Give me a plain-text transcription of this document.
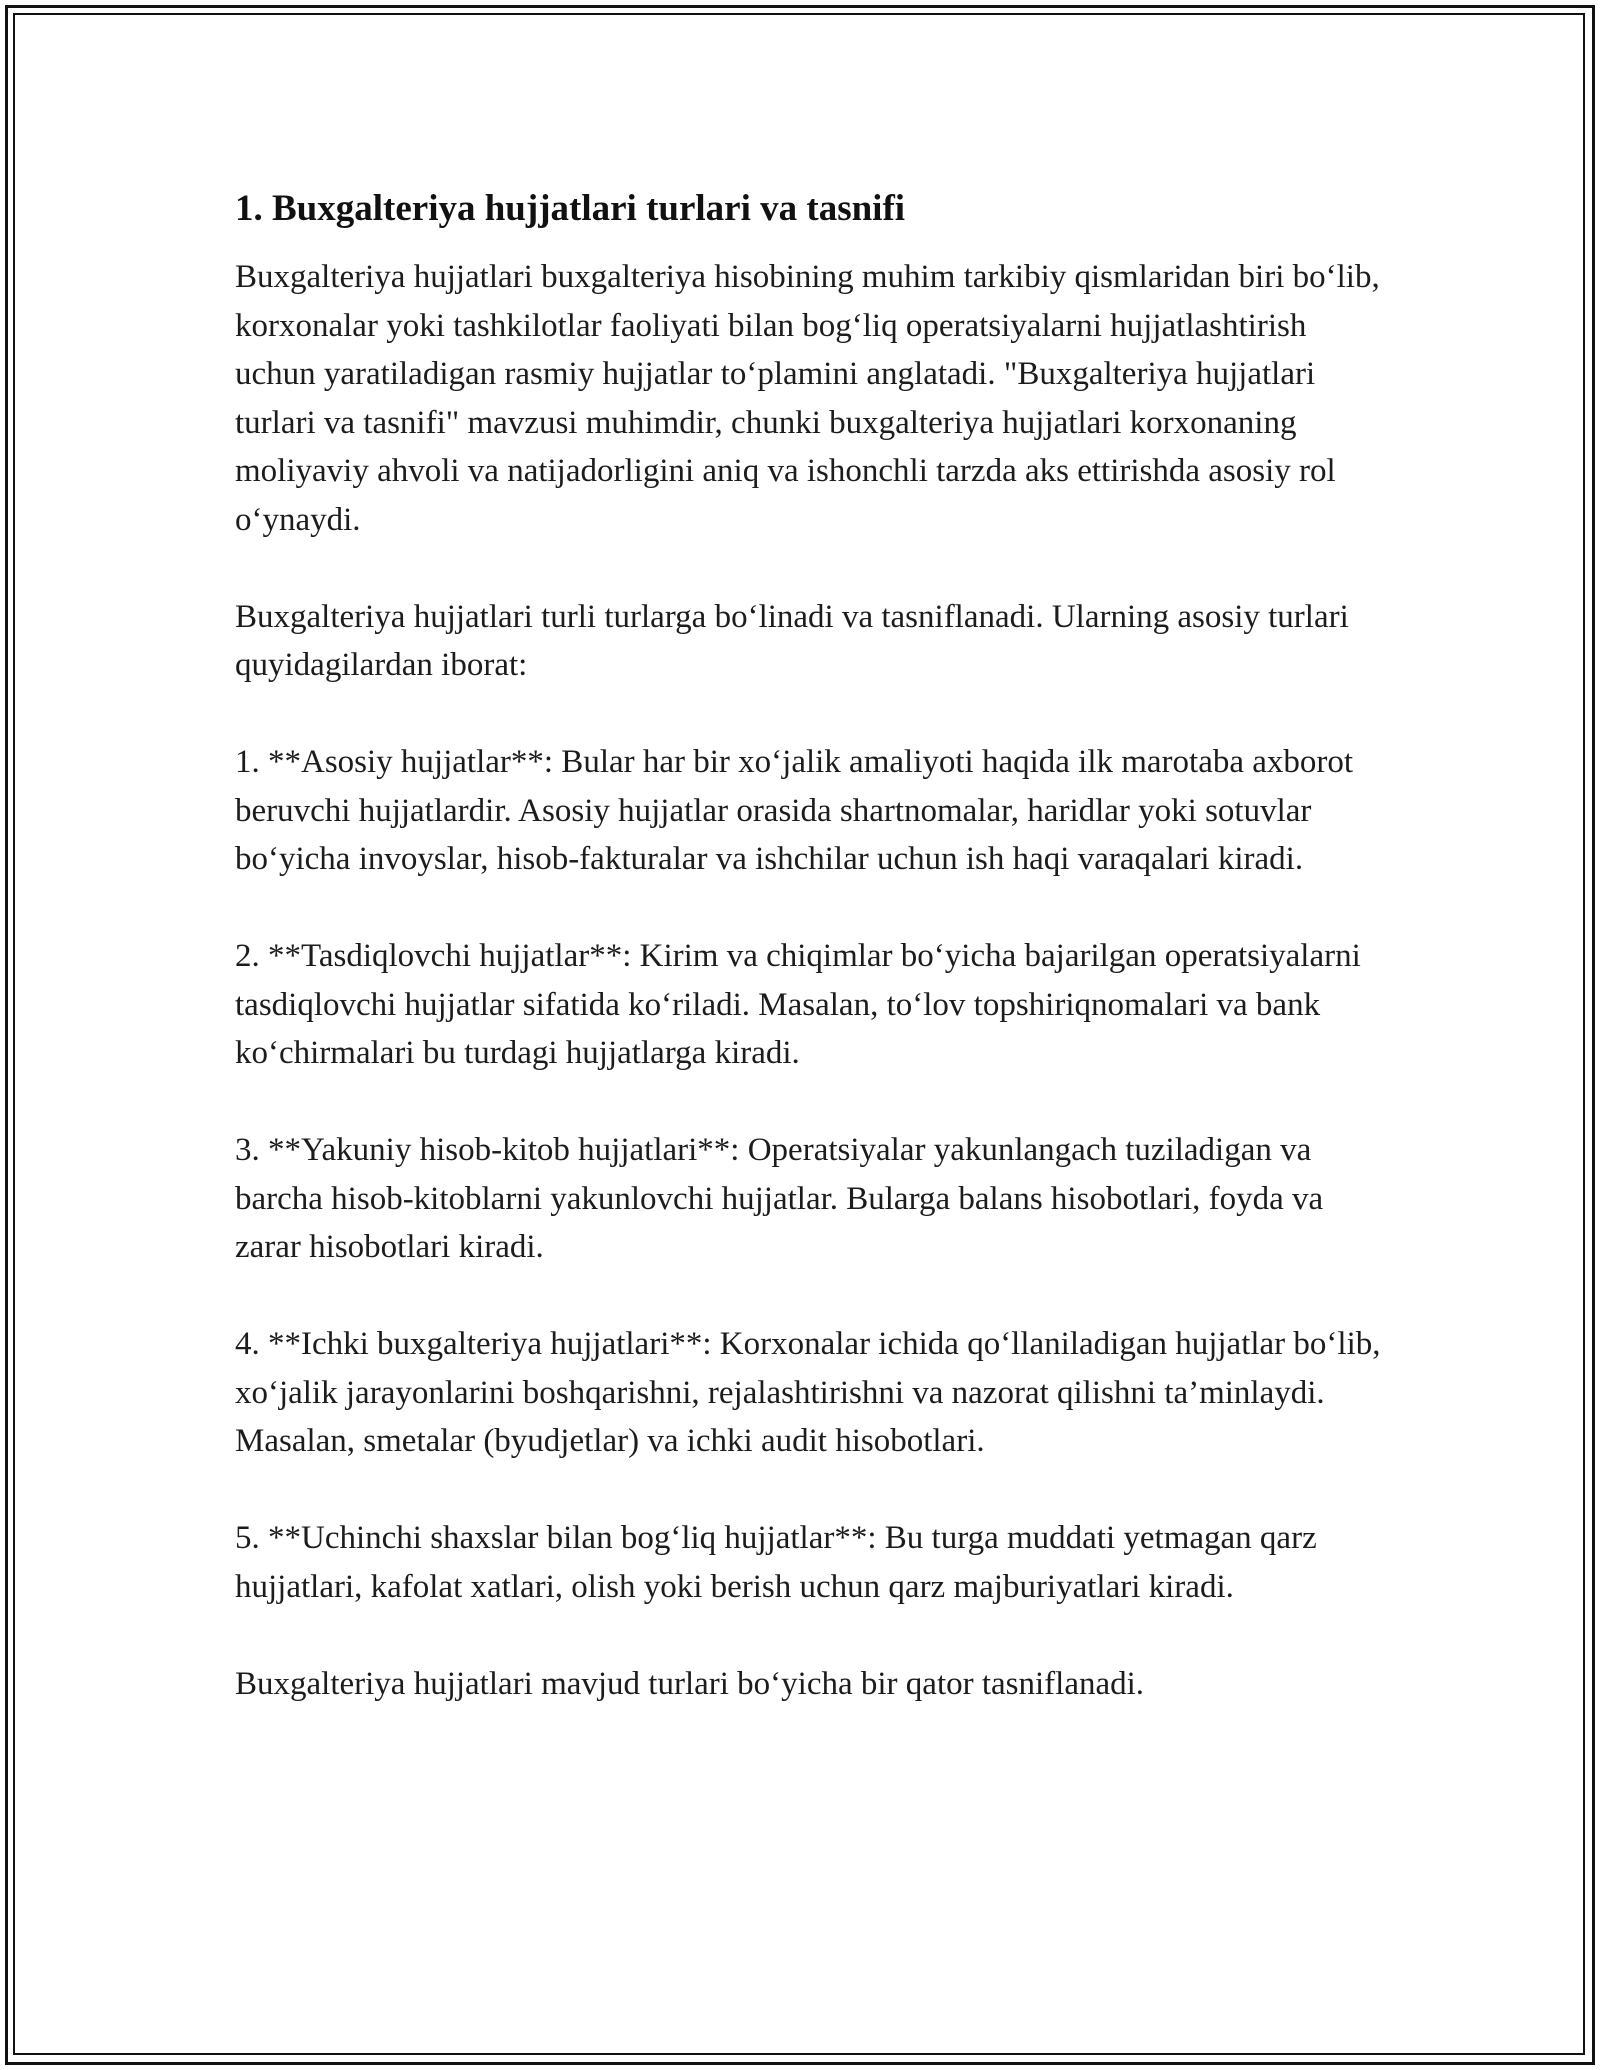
1. Buxgalteriya hujjatlari turlari va tasnifi

Buxgalteriya hujjatlari buxgalteriya hisobining muhim tarkibiy qismlaridan biri boʻlib, korxonalar yoki tashkilotlar faoliyati bilan bogʻliq operatsiyalarni hujjatlashtirish uchun yaratiladigan rasmiy hujjatlar toʻplamini anglatadi. "Buxgalteriya hujjatlari turlari va tasnifi" mavzusi muhimdir, chunki buxgalteriya hujjatlari korxonaning moliyaviy ahvoli va natijadorligini aniq va ishonchli tarzda aks ettirishda asosiy rol oʻynaydi.

Buxgalteriya hujjatlari turli turlarga boʻlinadi va tasniflanadi. Ularning asosiy turlari quyidagilardan iborat:

1. **Asosiy hujjatlar**: Bular har bir xoʻjalik amaliyoti haqida ilk marotaba axborot beruvchi hujjatlardir. Asosiy hujjatlar orasida shartnomalar, haridlar yoki sotuvlar boʻyicha invoyslar, hisob-fakturalar va ishchilar uchun ish haqi varaqalari kiradi.

2. **Tasdiqlovchi hujjatlar**: Kirim va chiqimlar boʻyicha bajarilgan operatsiyalarni tasdiqlovchi hujjatlar sifatida koʻriladi. Masalan, toʻlov topshiriqnomalari va bank koʻchirmalari bu turdagi hujjatlarga kiradi.

3. **Yakuniy hisob-kitob hujjatlari**: Operatsiyalar yakunlangach tuziladigan va barcha hisob-kitoblarni yakunlovchi hujjatlar. Bularga balans hisobotlari, foyda va zarar hisobotlari kiradi.

4. **Ichki buxgalteriya hujjatlari**: Korxonalar ichida qoʻllaniladigan hujjatlar boʻlib, xoʻjalik jarayonlarini boshqarishni, rejalashtirishni va nazorat qilishni ta’minlaydi. Masalan, smetalar (byudjetlar) va ichki audit hisobotlari.

5. **Uchinchi shaxslar bilan bogʻliq hujjatlar**: Bu turga muddati yetmagan qarz hujjatlari, kafolat xatlari, olish yoki berish uchun qarz majburiyatlari kiradi.

Buxgalteriya hujjatlari mavjud turlari boʻyicha bir qator tasniflanadi.
